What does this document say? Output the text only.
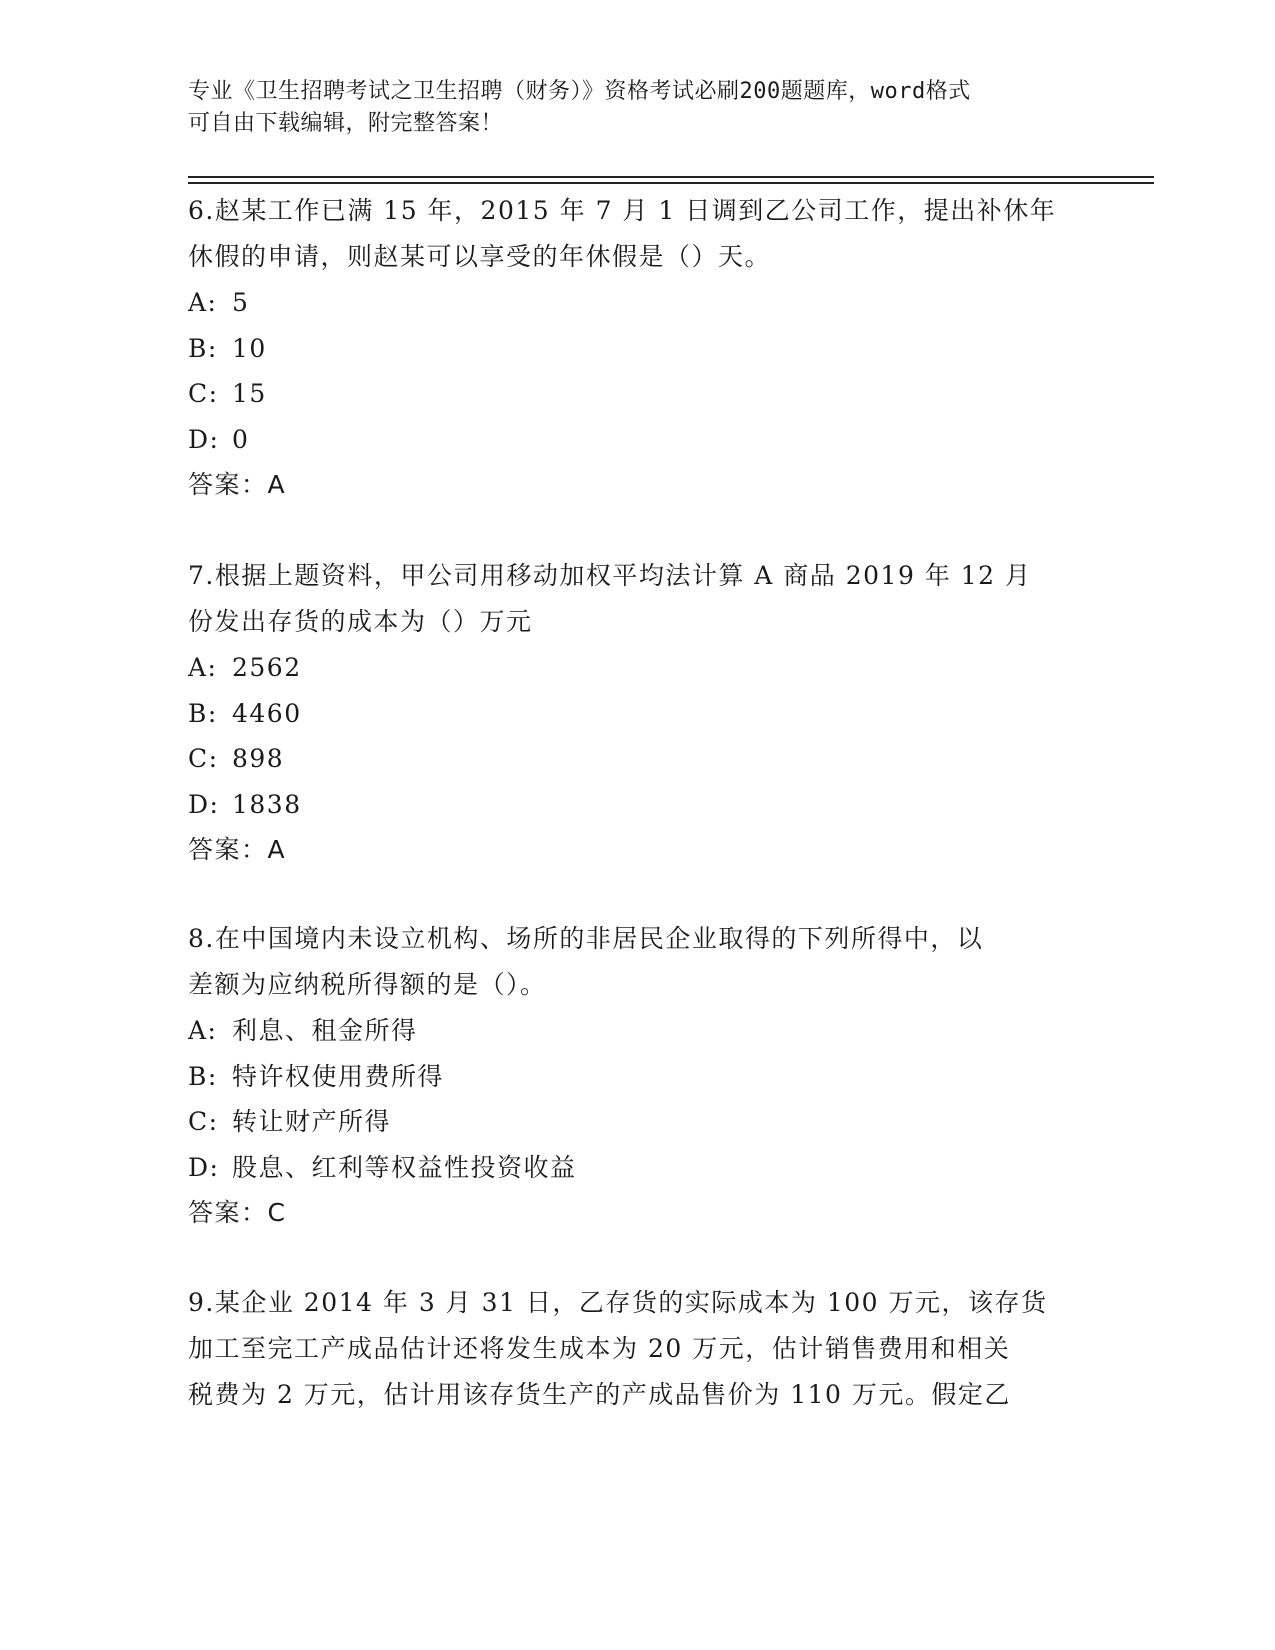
专业《卫生招聘考试之卫生招聘（财务）》资格考试必刷200题题库，word格式
可自由下载编辑，附完整答案！
6.赵某工作已满 15 年，2015 年 7 月 1 日调到乙公司工作，提出补休年
休假的申请，则赵某可以享受的年休假是（）天。
A: 5
B: 10
C: 15
D: 0
答案：A
7.根据上题资料，甲公司用移动加权平均法计算 A 商品 2019 年 12 月
份发出存货的成本为（）万元
A: 2562
B: 4460
C: 898
D: 1838
答案：A
8.在中国境内未设立机构、场所的非居民企业取得的下列所得中，以
差额为应纳税所得额的是（）。
A: 利息、租金所得
B: 特许权使用费所得
C: 转让财产所得
D: 股息、红利等权益性投资收益
答案：C
9.某企业 2014 年 3 月 31 日，乙存货的实际成本为 100 万元，该存货
加工至完工产成品估计还将发生成本为 20 万元，估计销售费用和相关
税费为 2 万元，估计用该存货生产的产成品售价为 110 万元。假定乙
